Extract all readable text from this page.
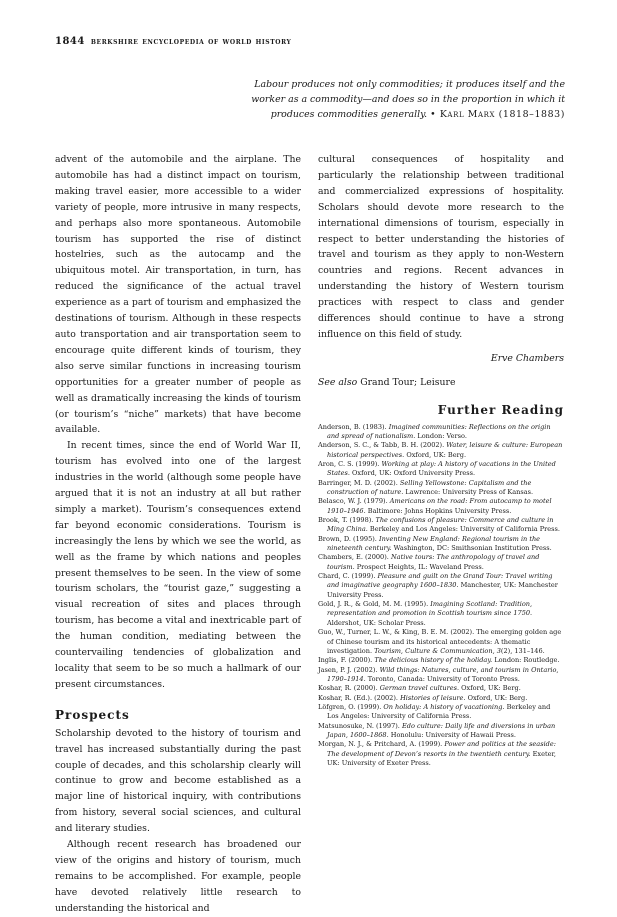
1844 berkshire encyclopedia of world history
Labour produces not only commodities; it produces itself and the worker as a commodity—and does so in the proportion in which it produces commodities generally. • Karl Marx (1818–1883)

advent of the automobile and the airplane. The automobile has had a distinct impact on tourism, making travel easier, more accessible to a wider variety of people, more intrusive in many respects, and perhaps also more spontaneous. Automobile tourism has supported the rise of distinct hostelries, such as the autocamp and the ubiquitous motel. Air transportation, in turn, has reduced the significance of the actual travel experience as a part of tourism and emphasized the destinations of tourism. Although in these respects auto transportation and air transportation seem to encourage quite different kinds of tourism, they also serve similar functions in increasing tourism opportunities for a greater number of people as well as dramatically increasing the kinds of tourism (or tourism’s “niche” markets) that have become available.

In recent times, since the end of World War II, tourism has evolved into one of the largest industries in the world (although some people have argued that it is not an industry at all but rather simply a market). Tourism’s consequences extend far beyond economic considerations. Tourism is increasingly the lens by which we see the world, as well as the frame by which nations and peoples present themselves to be seen. In the view of some tourism scholars, the “tourist gaze,” suggesting a visual recreation of sites and places through tourism, has become a vital and inextricable part of the human condition, mediating between the countervailing tendencies of globalization and locality that seem to be so much a hallmark of our present circumstances.

Prospects

Scholarship devoted to the history of tourism and travel has increased substantially during the past couple of decades, and this scholarship clearly will continue to grow and become established as a major line of historical inquiry, with contributions from history, several social sciences, and cultural and literary studies.

Although recent research has broadened our view of the origins and history of tourism, much remains to be accomplished. For example, people have devoted relatively little research to understanding the historical and

cultural consequences of hospitality and particularly the relationship between traditional and commercialized expressions of hospitality. Scholars should devote more research to the international dimensions of tourism, especially in respect to better understanding the histories of travel and tourism as they apply to non-Western countries and regions. Recent advances in understanding the history of Western tourism practices with respect to class and gender differences should continue to have a strong influence on this field of study.

Erve Chambers
See also Grand Tour; Leisure
Further Reading

Anderson, B. (1983). Imagined communities: Reflections on the origin and spread of nationalism. London: Verso.

Anderson, S. C., & Tabb, B. H. (2002). Water, leisure & culture: European historical perspectives. Oxford, UK: Berg.

Aron, C. S. (1999). Working at play: A history of vacations in the United States. Oxford, UK: Oxford University Press.

Barringer, M. D. (2002). Selling Yellowstone: Capitalism and the construction of nature. Lawrence: University Press of Kansas.

Belasco, W. J. (1979). Americans on the road: From autocamp to motel 1910–1946. Baltimore: Johns Hopkins University Press.

Brook, T. (1998). The confusions of pleasure: Commerce and culture in Ming China. Berkeley and Los Angeles: University of California Press.

Brown, D. (1995). Inventing New England: Regional tourism in the nineteenth century. Washington, DC: Smithsonian Institution Press.

Chambers, E. (2000). Native tours: The anthropology of travel and tourism. Prospect Heights, IL: Waveland Press.

Chard, C. (1999). Pleasure and guilt on the Grand Tour: Travel writing and imaginative geography 1600–1830. Manchester, UK: Manchester University Press.

Gold, J. R., & Gold, M. M. (1995). Imagining Scotland: Tradition, representation and promotion in Scottish tourism since 1750. Aldershot, UK: Scholar Press.

Guo, W., Turner, L. W., & King, B. E. M. (2002). The emerging golden age of Chinese tourism and its historical antecedents: A thematic investigation. Tourism, Culture & Communication, 3(2), 131–146.

Inglis, F. (2000). The delicious history of the holiday. London: Routledge.

Jasen, P. J. (2002). Wild things: Natures, culture, and tourism in Ontario, 1790–1914. Toronto, Canada: University of Toronto Press.

Koshar, R. (2000). German travel cultures. Oxford, UK: Berg.

Koshar, R. (Ed.). (2002). Histories of leisure. Oxford, UK: Berg.

Löfgren, O. (1999). On holiday: A history of vacationing. Berkeley and Los Angeles: University of California Press.

Matsunosuke, N. (1997). Edo culture: Daily life and diversions in urban Japan, 1600–1868. Honolulu: University of Hawaii Press.

Morgan, N. J., & Pritchard, A. (1999). Power and politics at the seaside: The development of Devon’s resorts in the twentieth century. Exeter, UK: University of Exeter Press.
